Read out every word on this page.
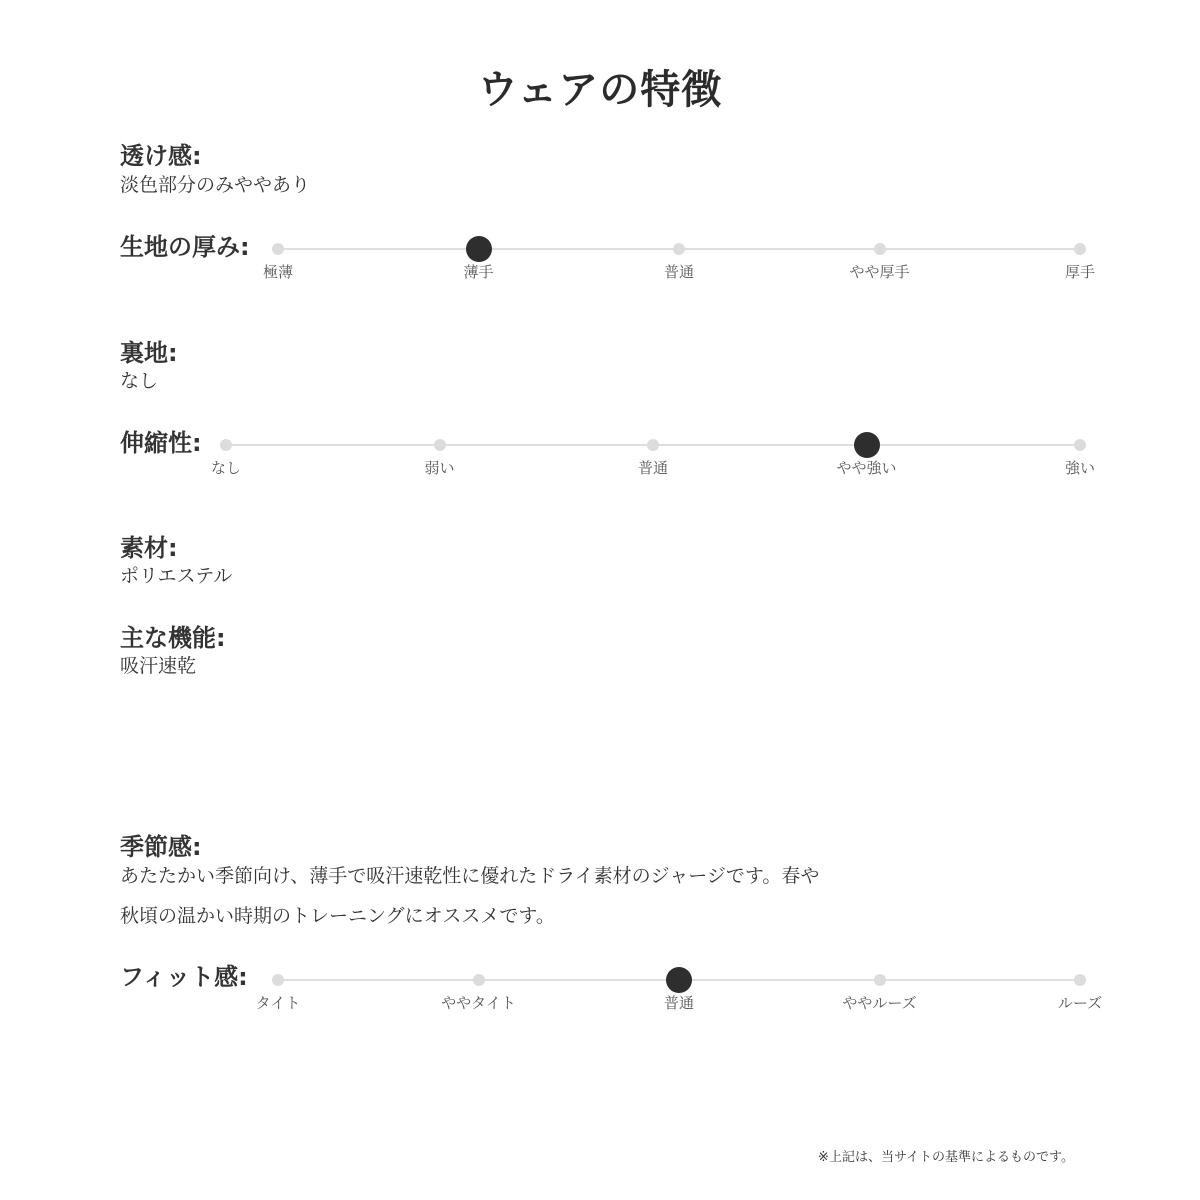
ウェアの特徴
透け感:
淡色部分のみややあり
生地の厚み:
極薄	薄手	普通	やや厚手	厚手
裏地:
なし
伸縮性:
なし	弱い	普通	やや強い	強い
素材:
ポリエステル
主な機能:
吸汗速乾
季節感:
あたたかい季節向け、薄手で吸汗速乾性に優れたドライ素材のジャージです。春や
秋頃の温かい時期のトレーニングにオススメです。
フィット感:
タイト	ややタイト	普通	ややルーズ	ルーズ
※上記は、当サイトの基準によるものです。
